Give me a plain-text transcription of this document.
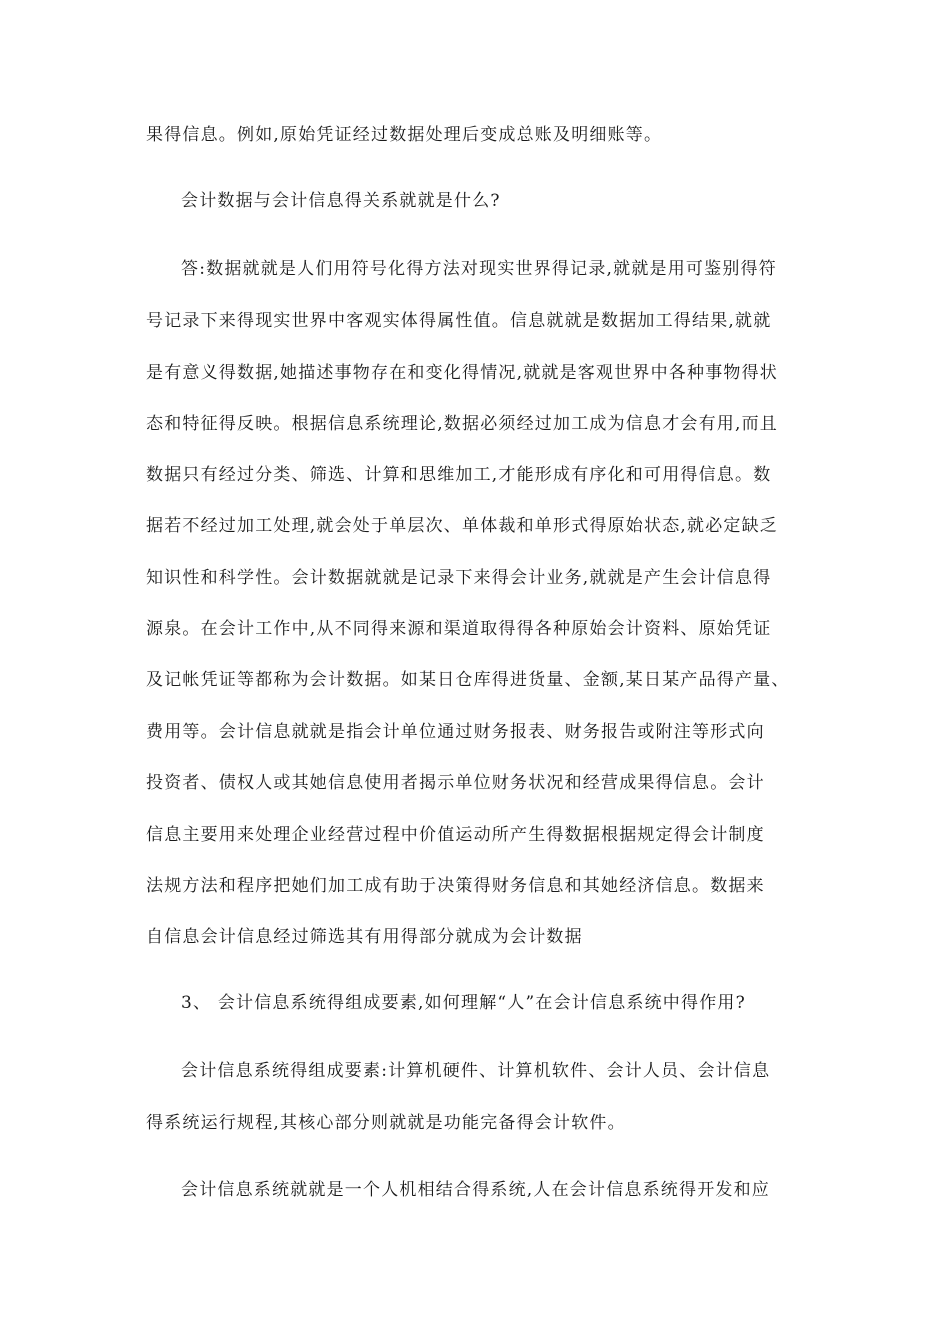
果得信息。例如,原始凭证经过数据处理后变成总账及明细账等。
会计数据与会计信息得关系就就是什么?
答:数据就就是人们用符号化得方法对现实世界得记录,就就是用可鉴别得符
号记录下来得现实世界中客观实体得属性值。信息就就是数据加工得结果,就就
是有意义得数据,她描述事物存在和变化得情况,就就是客观世界中各种事物得状
态和特征得反映。根据信息系统理论,数据必须经过加工成为信息才会有用,而且
数据只有经过分类、筛选、计算和思维加工,才能形成有序化和可用得信息。数
据若不经过加工处理,就会处于单层次、单体裁和单形式得原始状态,就必定缺乏
知识性和科学性。会计数据就就是记录下来得会计业务,就就是产生会计信息得
源泉。在会计工作中,从不同得来源和渠道取得得各种原始会计资料、原始凭证
及记帐凭证等都称为会计数据。如某日仓库得进货量、金额,某日某产品得产量、
费用等。会计信息就就是指会计单位通过财务报表、财务报告或附注等形式向
投资者、债权人或其她信息使用者揭示单位财务状况和经营成果得信息。会计
信息主要用来处理企业经营过程中价值运动所产生得数据根据规定得会计制度
法规方法和程序把她们加工成有助于决策得财务信息和其她经济信息。数据来
自信息会计信息经过筛选其有用得部分就成为会计数据
3、 会计信息系统得组成要素,如何理解“人”在会计信息系统中得作用?
会计信息系统得组成要素:计算机硬件、计算机软件、会计人员、会计信息
得系统运行规程,其核心部分则就就是功能完备得会计软件。
会计信息系统就就是一个人机相结合得系统,人在会计信息系统得开发和应
